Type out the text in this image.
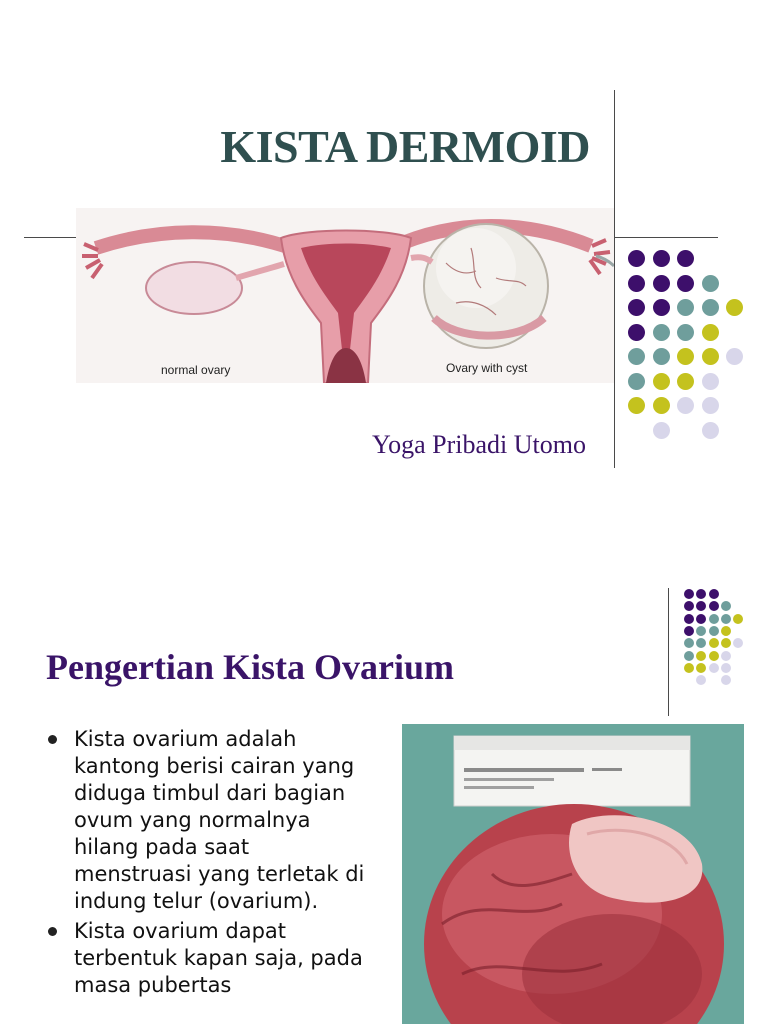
KISTA DERMOID
normal ovary	Ovary with cyst
Yoga Pribadi Utomo
Pengertian Kista Ovarium
Kista ovarium adalah kantong berisi cairan yang diduga timbul dari bagian ovum yang normalnya hilang pada saat menstruasi yang terletak di indung telur (ovarium).
Kista ovarium dapat terbentuk kapan saja, pada masa pubertas
